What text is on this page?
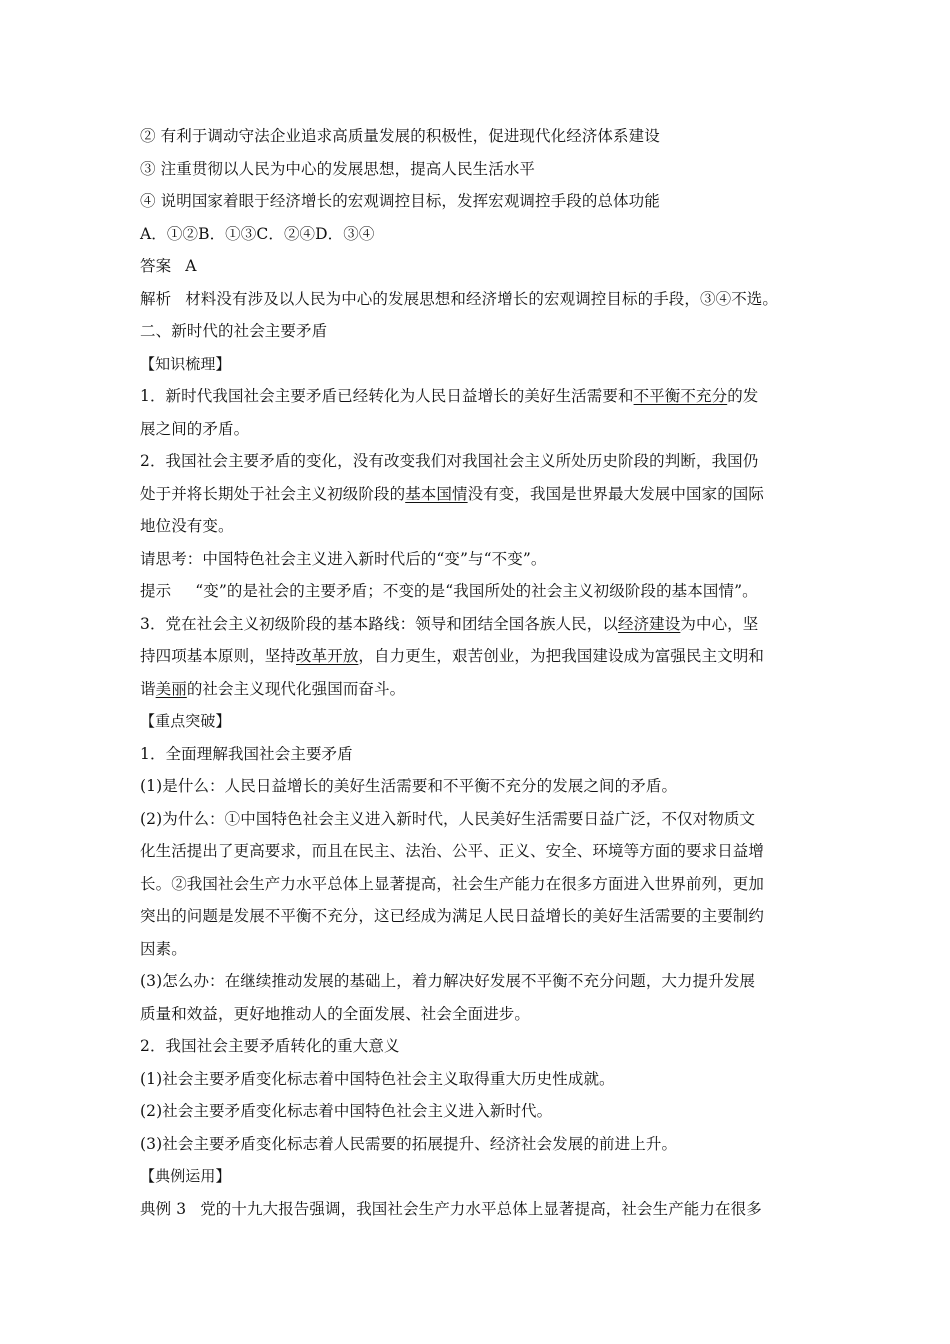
② 有利于调动守法企业追求高质量发展的积极性，促进现代化经济体系建设
③ 注重贯彻以人民为中心的发展思想，提高人民生活水平
④ 说明国家着眼于经济增长的宏观调控目标，发挥宏观调控手段的总体功能
A．①②B．①③C．②④D．③④
答案 A
解析 材料没有涉及以人民为中心的发展思想和经济增长的宏观调控目标的手段，③④不选。
二、新时代的社会主要矛盾
【知识梳理】
1．新时代我国社会主要矛盾已经转化为人民日益增长的美好生活需要和不平衡不充分的发
展之间的矛盾。
2．我国社会主要矛盾的变化，没有改变我们对我国社会主义所处历史阶段的判断，我国仍
处于并将长期处于社会主义初级阶段的基本国情没有变，我国是世界最大发展中国家的国际
地位没有变。
请思考：中国特色社会主义进入新时代后的“变”与“不变”。
提示 “变”的是社会的主要矛盾；不变的是“我国所处的社会主义初级阶段的基本国情”。
3．党在社会主义初级阶段的基本路线：领导和团结全国各族人民，以经济建设为中心，坚
持四项基本原则，坚持改革开放，自力更生，艰苦创业，为把我国建设成为富强民主文明和
谐美丽的社会主义现代化强国而奋斗。
【重点突破】
1．全面理解我国社会主要矛盾
(1)是什么：人民日益增长的美好生活需要和不平衡不充分的发展之间的矛盾。
(2)为什么：①中国特色社会主义进入新时代，人民美好生活需要日益广泛，不仅对物质文
化生活提出了更高要求，而且在民主、法治、公平、正义、安全、环境等方面的要求日益增
长。②我国社会生产力水平总体上显著提高，社会生产能力在很多方面进入世界前列，更加
突出的问题是发展不平衡不充分，这已经成为满足人民日益增长的美好生活需要的主要制约
因素。
(3)怎么办：在继续推动发展的基础上，着力解决好发展不平衡不充分问题，大力提升发展
质量和效益，更好地推动人的全面发展、社会全面进步。
2．我国社会主要矛盾转化的重大意义
(1)社会主要矛盾变化标志着中国特色社会主义取得重大历史性成就。
(2)社会主要矛盾变化标志着中国特色社会主义进入新时代。
(3)社会主要矛盾变化标志着人民需要的拓展提升、经济社会发展的前进上升。
【典例运用】
典例 3 党的十九大报告强调，我国社会生产力水平总体上显著提高，社会生产能力在很多
